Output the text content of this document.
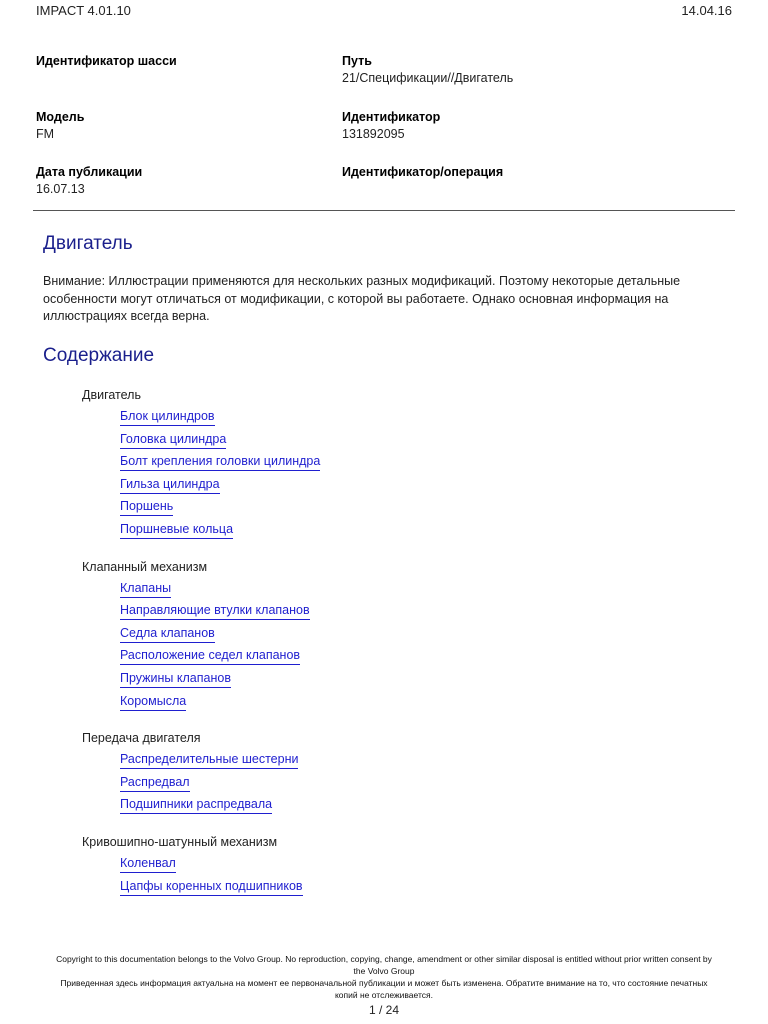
IMPACT 4.01.10	14.04.16
Идентификатор шасси	Путь
21/Спецификации//Двигатель
Модель
FM
Идентификатор
131892095
Дата публикации
16.07.13
Идентификатор/операция
Двигатель
Внимание: Иллюстрации применяются для нескольких разных модификаций. Поэтому некоторые детальные
особенности могут отличаться от модификации, с которой вы работаете. Однако основная информация на
иллюстрациях всегда верна.
Содержание
Двигатель
Блок цилиндров
Головка цилиндра
Болт крепления головки цилиндра
Гильза цилиндра
Поршень
Поршневые кольца
Клапанный механизм
Клапаны
Направляющие втулки клапанов
Седла клапанов
Расположение седел клапанов
Пружины клапанов
Коромысла
Передача двигателя
Распределительные шестерни
Распредвал
Подшипники распредвала
Кривошипно-шатунный механизм
Коленвал
Цапфы коренных подшипников
Copyright to this documentation belongs to the Volvo Group. No reproduction, copying, change, amendment or other similar disposal is entitled without prior written consent by
the Volvo Group
Приведенная здесь информация актуальна на момент ее первоначальной публикации и может быть изменена. Обратите внимание на то, что состояние печатных
копий не отслеживается.
1 / 24
